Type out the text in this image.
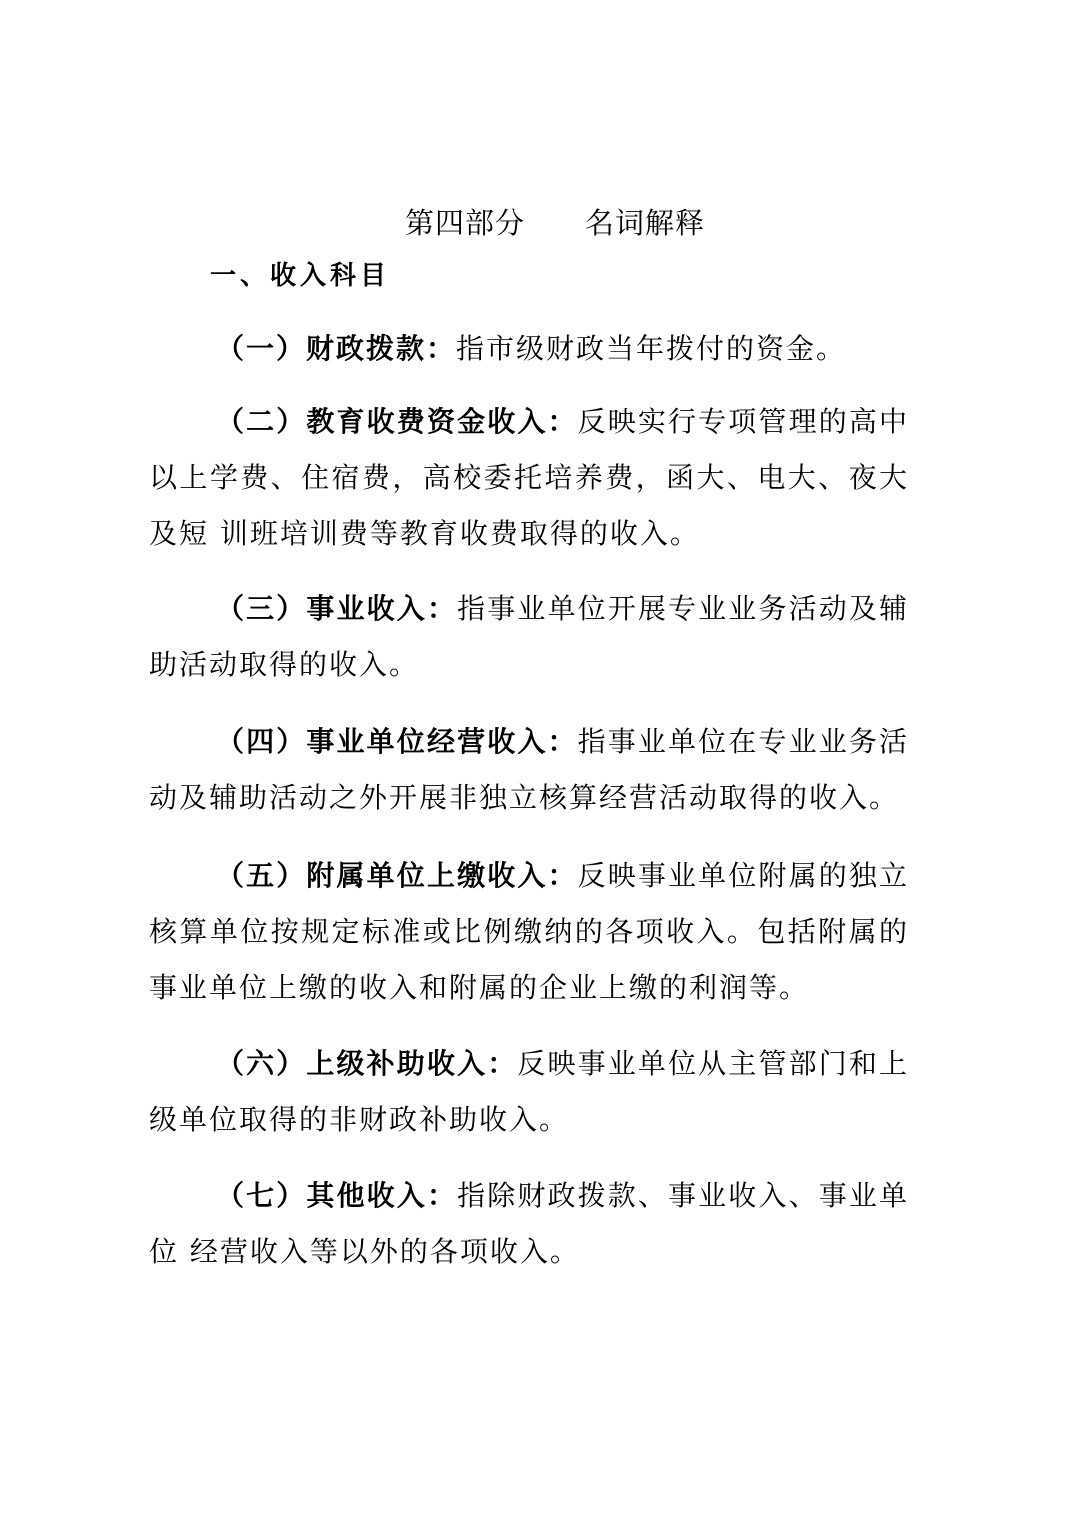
第四部分　　名词解释
一、收入科目

（一）财政拨款：指市级财政当年拨付的资金。

（二）教育收费资金收入：反映实行专项管理的高中以上学费、住宿费，高校委托培养费，函大、电大、夜大及短 训班培训费等教育收费取得的收入。

（三）事业收入：指事业单位开展专业业务活动及辅助活动取得的收入。

（四）事业单位经营收入：指事业单位在专业业务活动及辅助活动之外开展非独立核算经营活动取得的收入。

（五）附属单位上缴收入：反映事业单位附属的独立核算单位按规定标准或比例缴纳的各项收入。包括附属的事业单位上缴的收入和附属的企业上缴的利润等。

（六）上级补助收入：反映事业单位从主管部门和上级单位取得的非财政补助收入。

（七）其他收入：指除财政拨款、事业收入、事业单位 经营收入等以外的各项收入。
